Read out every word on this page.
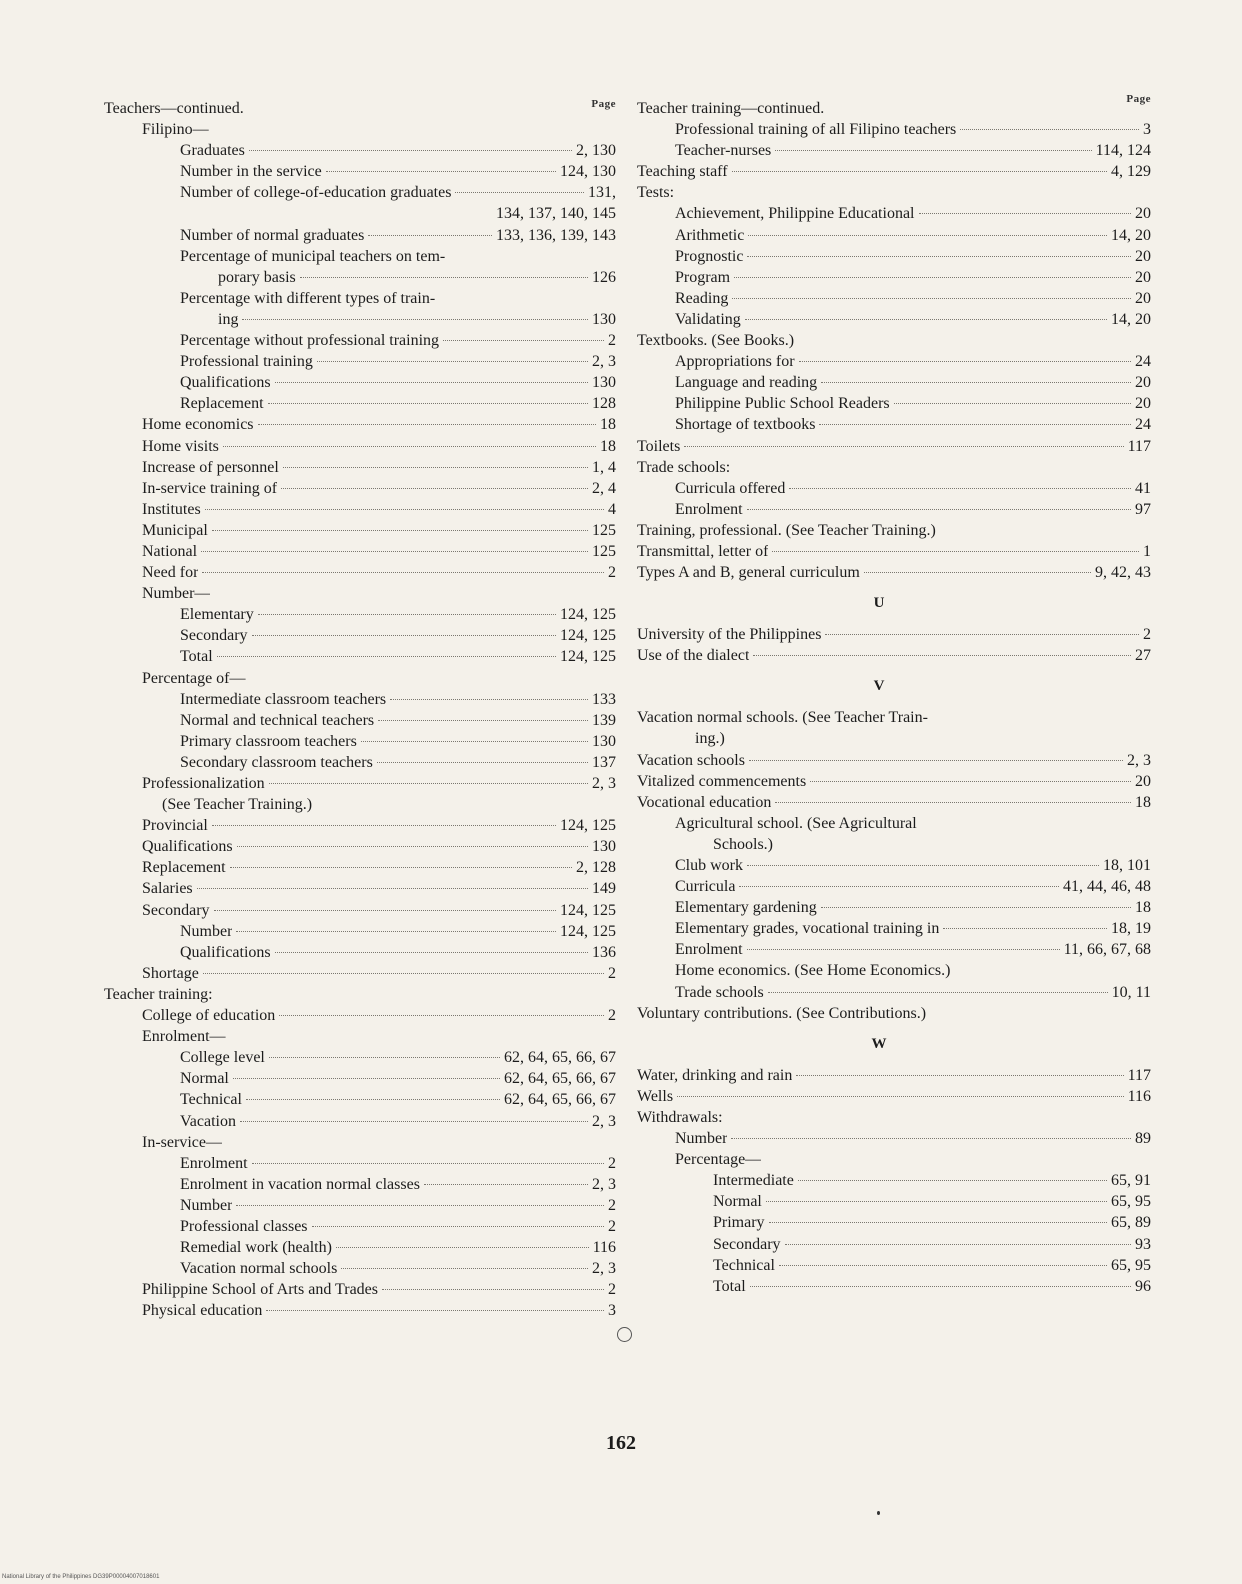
Page
Teachers—continued.
Filipino—
Graduates	2, 130
Number in the service	124, 130
Number of college-of-education graduates	131,
134, 137, 140, 145
Number of normal graduates	133, 136, 139, 143
Percentage of municipal teachers on tem-
porary basis	126
Percentage with different types of train-
ing	130
Percentage without professional training	2
Professional training	2, 3
Qualifications	130
Replacement	128
Home economics	18
Home visits	18
Increase of personnel	1, 4
In-service training of	2, 4
Institutes	4
Municipal	125
National	125
Need for	2
Number—
Elementary	124, 125
Secondary	124, 125
Total	124, 125
Percentage of—
Intermediate classroom teachers	133
Normal and technical teachers	139
Primary classroom teachers	130
Secondary classroom teachers	137
Professionalization	2, 3
(See Teacher Training.)
Provincial	124, 125
Qualifications	130
Replacement	2, 128
Salaries	149
Secondary	124, 125
Number	124, 125
Qualifications	136
Shortage	2
Teacher training:
College of education	2
Enrolment—
College level	62, 64, 65, 66, 67
Normal	62, 64, 65, 66, 67
Technical	62, 64, 65, 66, 67
Vacation	2, 3
In-service—
Enrolment	2
Enrolment in vacation normal classes	2, 3
Number	2
Professional classes	2
Remedial work (health)	116
Vacation normal schools	2, 3
Philippine School of Arts and Trades	2
Physical education	3
Page
Teacher training—continued.
Professional training of all Filipino teachers	3
Teacher-nurses	114, 124
Teaching staff	4, 129
Tests:
Achievement, Philippine Educational	20
Arithmetic	14, 20
Prognostic	20
Program	20
Reading	20
Validating	14, 20
Textbooks. (See Books.)
Appropriations for	24
Language and reading	20
Philippine Public School Readers	20
Shortage of textbooks	24
Toilets	117
Trade schools:
Curricula offered	41
Enrolment	97
Training, professional. (See Teacher Training.)
Transmittal, letter of	1
Types A and B, general curriculum	9, 42, 43
U
University of the Philippines	2
Use of the dialect	27
V
Vacation normal schools. (See Teacher Train-
ing.)
Vacation schools	2, 3
Vitalized commencements	20
Vocational education	18
Agricultural school. (See Agricultural
Schools.)
Club work	18, 101
Curricula	41, 44, 46, 48
Elementary gardening	18
Elementary grades, vocational training in	18, 19
Enrolment	11, 66, 67, 68
Home economics. (See Home Economics.)
Trade schools	10, 11
Voluntary contributions. (See Contributions.)
W
Water, drinking and rain	117
Wells	116
Withdrawals:
Number	89
Percentage—
Intermediate	65, 91
Normal	65, 95
Primary	65, 89
Secondary	93
Technical	65, 95
Total	96
162
National Library of the Philippines DG39P00004007018601
